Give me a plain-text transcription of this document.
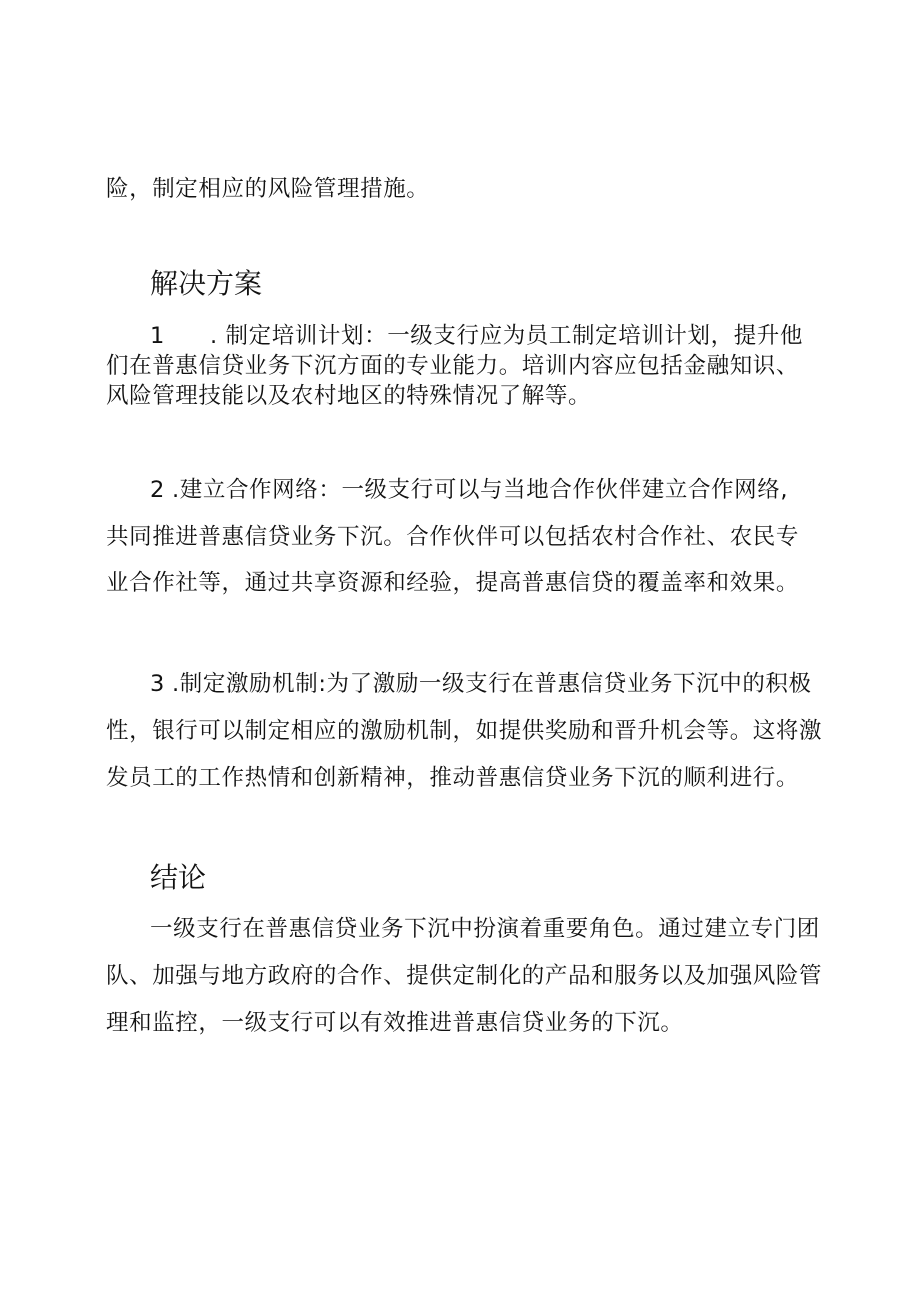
险，制定相应的风险管理措施。
解决方案
1 . 制定培训计划：一级支行应为员工制定培训计划，提升他
们在普惠信贷业务下沉方面的专业能力。培训内容应包括金融知识、
风险管理技能以及农村地区的特殊情况了解等。
2 .建立合作网络：一级支行可以与当地合作伙伴建立合作网络,
共同推进普惠信贷业务下沉。合作伙伴可以包括农村合作社、农民专
业合作社等，通过共享资源和经验，提高普惠信贷的覆盖率和效果。
3 .制定激励机制:为了激励一级支行在普惠信贷业务下沉中的积极
性，银行可以制定相应的激励机制，如提供奖励和晋升机会等。这将激
发员工的工作热情和创新精神，推动普惠信贷业务下沉的顺利进行。
结论
一级支行在普惠信贷业务下沉中扮演着重要角色。通过建立专门团
队、加强与地方政府的合作、提供定制化的产品和服务以及加强风险管
理和监控，一级支行可以有效推进普惠信贷业务的下沉。
